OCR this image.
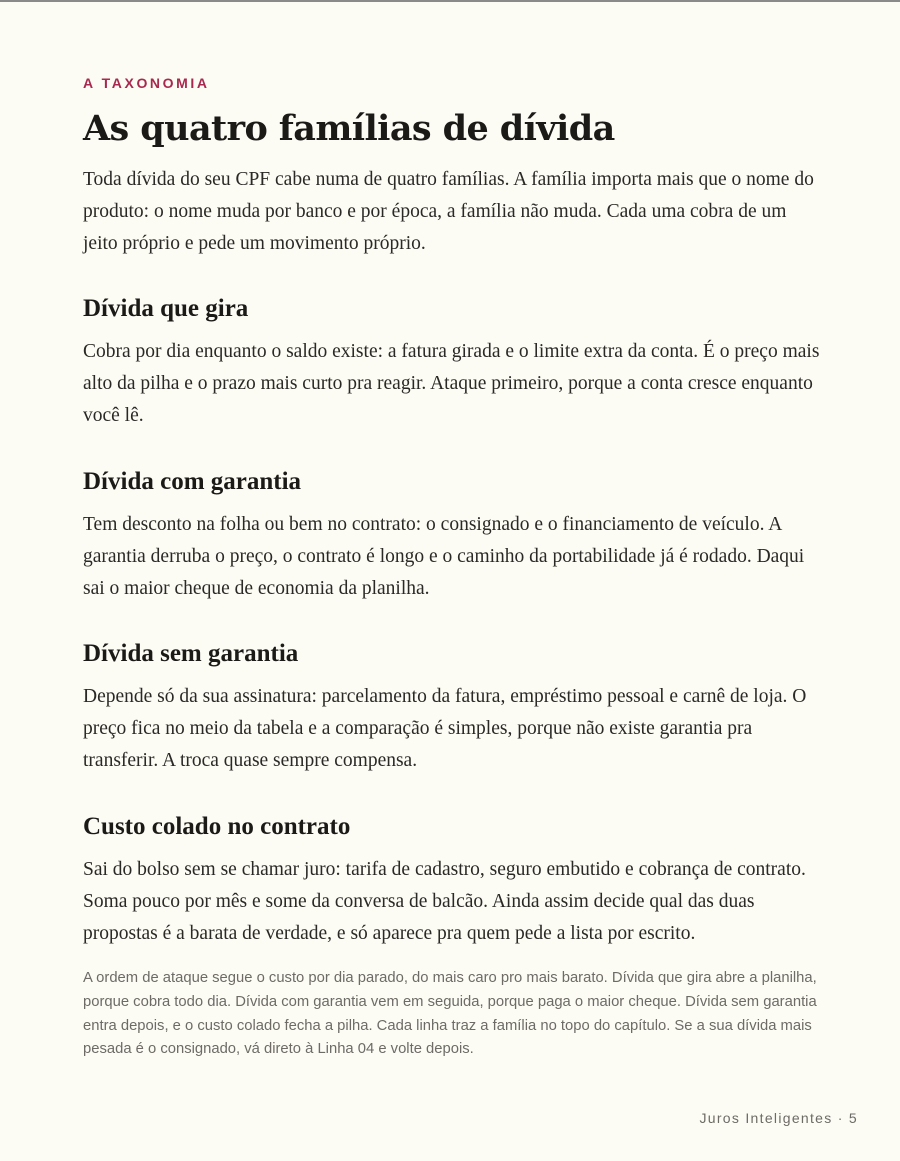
A TAXONOMIA
As quatro famílias de dívida

Toda dívida do seu CPF cabe numa de quatro famílias. A família importa mais que o nome do produto: o nome muda por banco e por época, a família não muda. Cada uma cobra de um jeito próprio e pede um movimento próprio.

Dívida que gira

Cobra por dia enquanto o saldo existe: a fatura girada e o limite extra da conta. É o preço mais alto da pilha e o prazo mais curto pra reagir. Ataque primeiro, porque a conta cresce enquanto você lê.

Dívida com garantia

Tem desconto na folha ou bem no contrato: o consignado e o financiamento de veículo. A garantia derruba o preço, o contrato é longo e o caminho da portabilidade já é rodado. Daqui sai o maior cheque de economia da planilha.

Dívida sem garantia

Depende só da sua assinatura: parcelamento da fatura, empréstimo pessoal e carnê de loja. O preço fica no meio da tabela e a comparação é simples, porque não existe garantia pra transferir. A troca quase sempre compensa.

Custo colado no contrato

Sai do bolso sem se chamar juro: tarifa de cadastro, seguro embutido e cobrança de contrato. Soma pouco por mês e some da conversa de balcão. Ainda assim decide qual das duas propostas é a barata de verdade, e só aparece pra quem pede a lista por escrito.

A ordem de ataque segue o custo por dia parado, do mais caro pro mais barato. Dívida que gira abre a planilha, porque cobra todo dia. Dívida com garantia vem em seguida, porque paga o maior cheque. Dívida sem garantia entra depois, e o custo colado fecha a pilha. Cada linha traz a família no topo do capítulo. Se a sua dívida mais pesada é o consignado, vá direto à Linha 04 e volte depois.

Juros Inteligentes · 5
